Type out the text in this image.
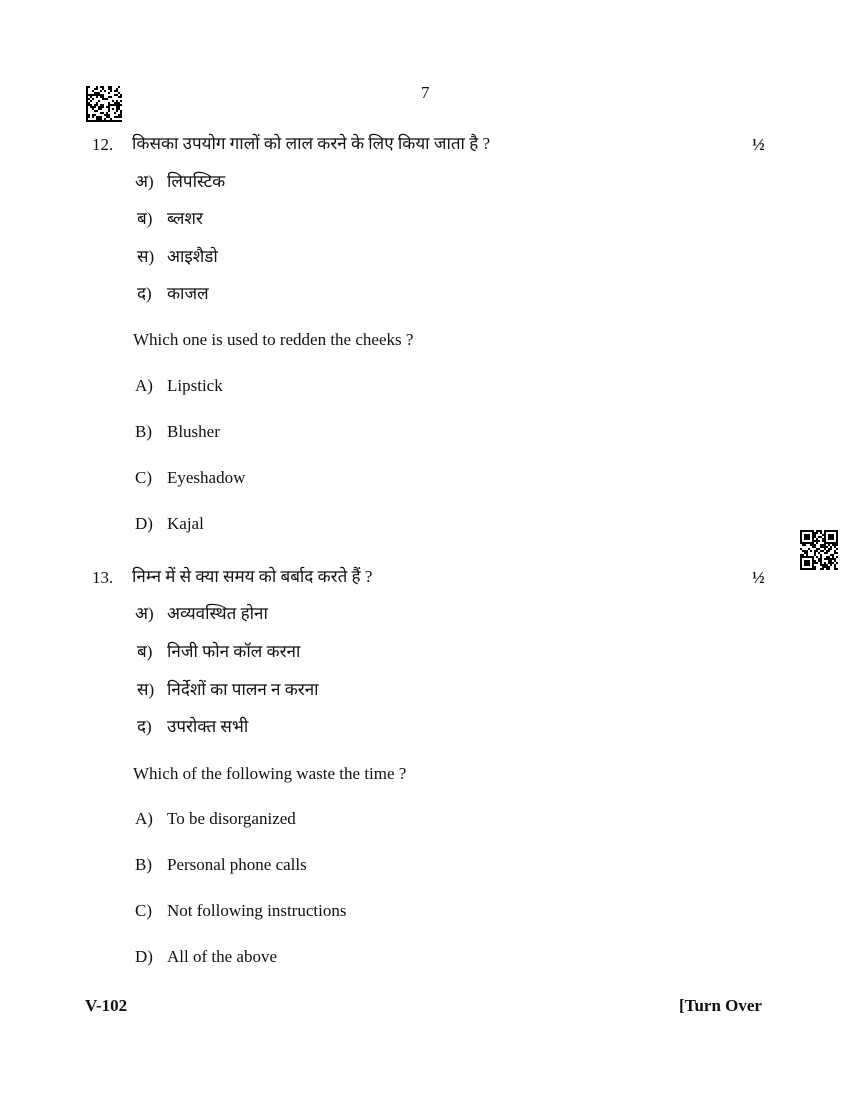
7
12. किसका उपयोग गालों को लाल करने के लिए किया जाता है ?	½
अ) लिपस्टिक
ब) ब्लशर
स) आइशैडो
द) काजल
Which one is used to redden the cheeks ?
A) Lipstick
B) Blusher
C) Eyeshadow
D) Kajal
13. निम्न में से क्या समय को बर्बाद करते हैं ?	½
अ) अव्यवस्थित होना
ब) निजी फोन कॉल करना
स) निर्देशों का पालन न करना
द) उपरोक्त सभी
Which of the following waste the time ?
A) To be disorganized
B) Personal phone calls
C) Not following instructions
D) All of the above
V-102	[Turn Over
